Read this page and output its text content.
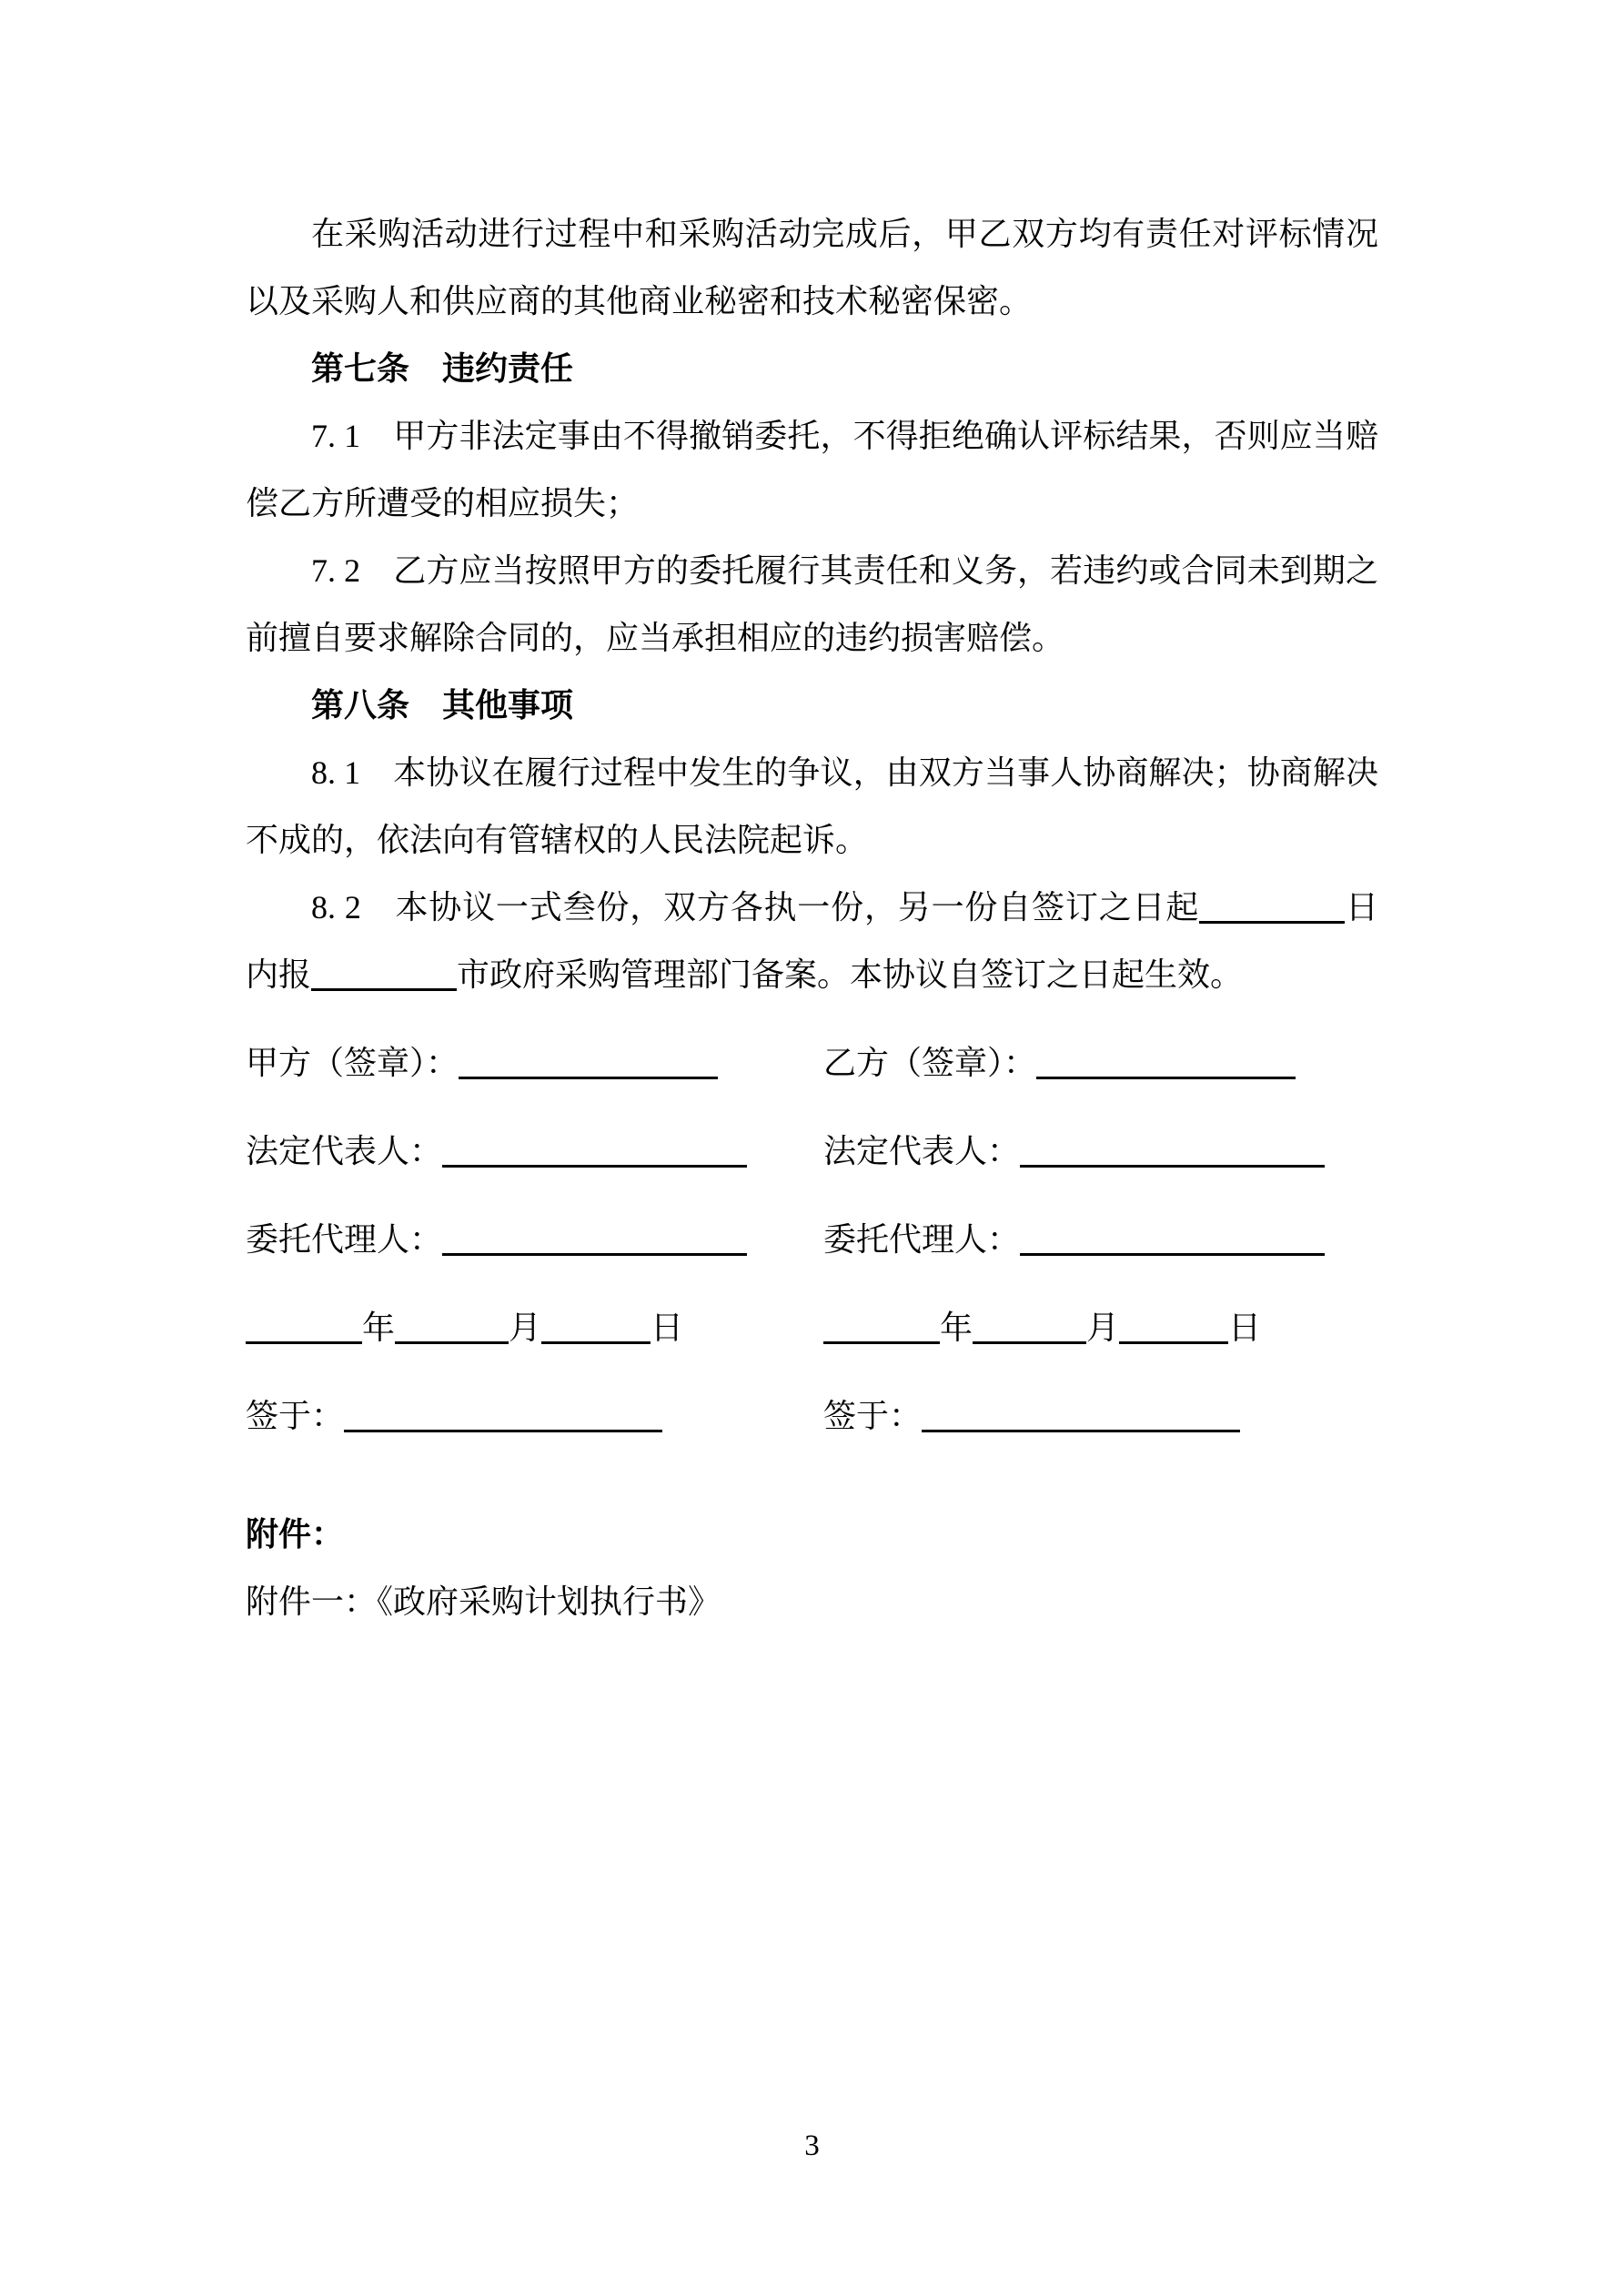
在采购活动进行过程中和采购活动完成后，甲乙双方均有责任对评标情况以及采购人和供应商的其他商业秘密和技术秘密保密。

第七条　违约责任

7. 1　甲方非法定事由不得撤销委托，不得拒绝确认评标结果，否则应当赔偿乙方所遭受的相应损失；

7. 2　乙方应当按照甲方的委托履行其责任和义务，若违约或合同未到期之前擅自要求解除合同的，应当承担相应的违约损害赔偿。

第八条　其他事项

8. 1　本协议在履行过程中发生的争议，由双方当事人协商解决；协商解决不成的，依法向有管辖权的人民法院起诉。

8. 2　本协议一式叁份，双方各执一份，另一份自签订之日起	日内报	市政府采购管理部门备案。本协议自签订之日起生效。

甲方（签章）：	乙方（签章）：
法定代表人：	法定代表人：
委托代理人：	委托代理人：
年	月	日	年	月	日
签于：	签于：

附件：

附件一：《政府采购计划执行书》

3
